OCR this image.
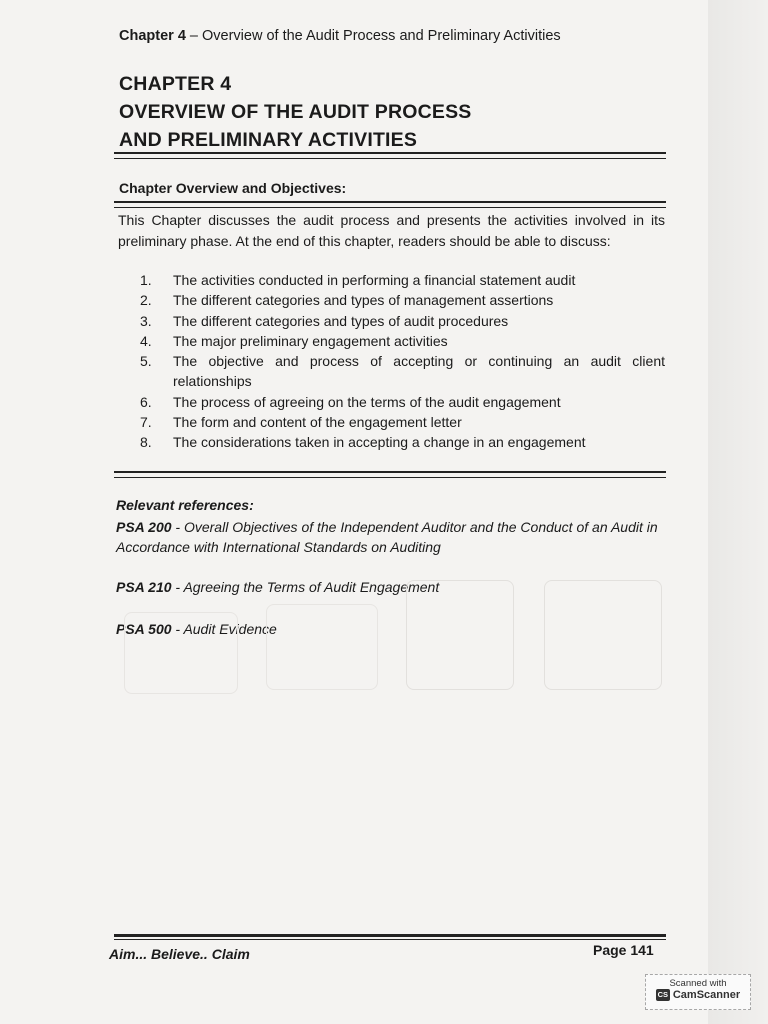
Chapter 4 – Overview of the Audit Process and Preliminary Activities
CHAPTER 4
OVERVIEW OF THE AUDIT PROCESS
AND PRELIMINARY ACTIVITIES
Chapter Overview and Objectives:
This Chapter discusses the audit process and presents the activities involved in its preliminary phase. At the end of this chapter, readers should be able to discuss:
1.	The activities conducted in performing a financial statement audit
2.	The different categories and types of management assertions
3.	The different categories and types of audit procedures
4.	The major preliminary engagement activities
5.	The objective and process of accepting or continuing an audit client relationships
6.	The process of agreeing on the terms of the audit engagement
7.	The form and content of the engagement letter
8.	The considerations taken in accepting a change in an engagement
Relevant references:
PSA 200 - Overall Objectives of the Independent Auditor and the Conduct of an Audit in Accordance with International Standards on Auditing
PSA 210 - Agreeing the Terms of Audit Engagement
PSA 500 - Audit Evidence
Aim... Believe.. Claim	Page 141
Scanned with
CS CamScanner
